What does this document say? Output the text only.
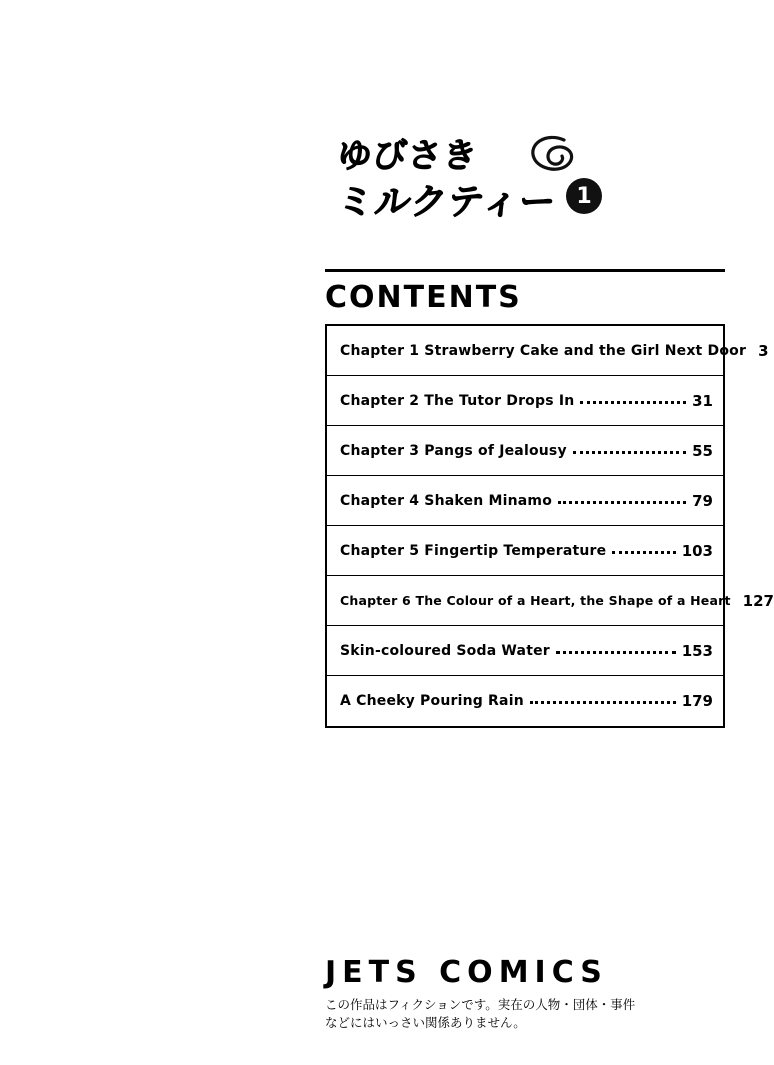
ゆびさき
ミルクティー 1
CONTENTS
Chapter 1 Strawberry Cake and the Girl Next Door 3
Chapter 2 The Tutor Drops In	31
Chapter 3 Pangs of Jealousy	55
Chapter 4 Shaken Minamo	79
Chapter 5 Fingertip Temperature	103
Chapter 6 The Colour of a Heart, the Shape of a Heart 127
Skin-coloured Soda Water	153
A Cheeky Pouring Rain	179
JETS COMICS
この作品はフィクションです。実在の人物・団体・事件
などにはいっさい関係ありません。
